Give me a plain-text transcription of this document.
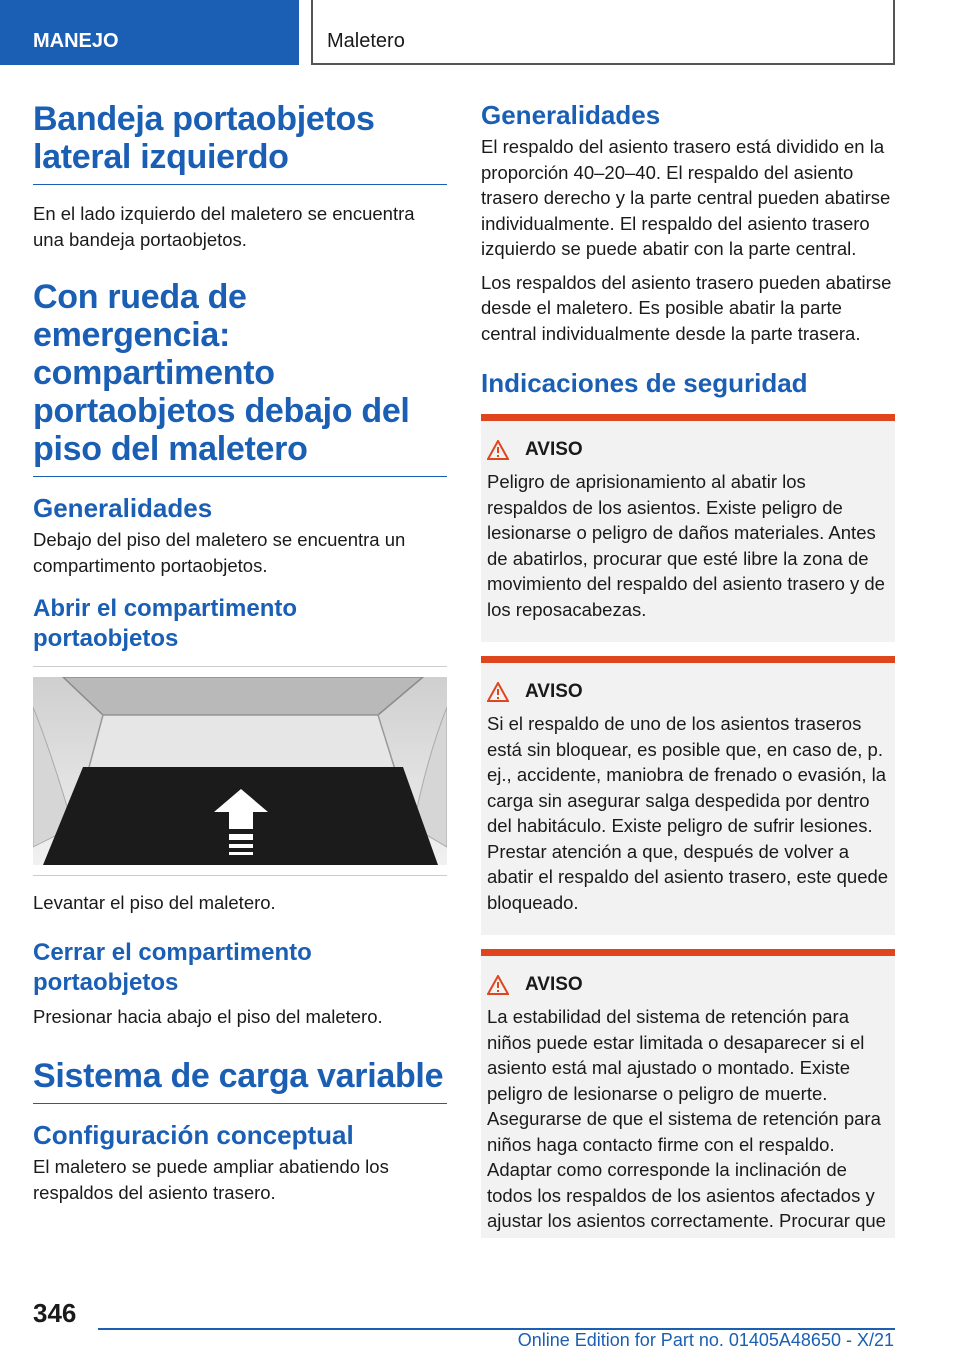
MANEJO	Maletero
Bandeja portaobjetos lateral izquierdo

En el lado izquierdo del maletero se encuentra una bandeja portaobjetos.

Con rueda de emergencia: compartimento portaobjetos debajo del piso del maletero
Generalidades

Debajo del piso del maletero se encuentra un compartimento portaobjetos.

Abrir el compartimento portaobjetos

Levantar el piso del maletero.

Cerrar el compartimento portaobjetos

Presionar hacia abajo el piso del maletero.

Sistema de carga variable
Configuración conceptual

El maletero se puede ampliar abatiendo los respaldos del asiento trasero.

Generalidades

El respaldo del asiento trasero está dividido en la proporción 40–20–40. El respaldo del asiento trasero derecho y la parte central pueden abatirse individualmente. El respaldo del asiento trasero izquierdo se puede abatir con la parte central.

Los respaldos del asiento trasero pueden abatirse desde el maletero. Es posible abatir la parte central individualmente desde la parte trasera.

Indicaciones de seguridad
AVISO

Peligro de aprisionamiento al abatir los respaldos de los asientos. Existe peligro de lesionarse o peligro de daños materiales. Antes de abatirlos, procurar que esté libre la zona de movimiento del respaldo del asiento trasero y de los reposacabezas.

AVISO

Si el respaldo de uno de los asientos traseros está sin bloquear, es posible que, en caso de, p. ej., accidente, maniobra de frenado o evasión, la carga sin asegurar salga despedida por dentro del habitáculo. Existe peligro de sufrir lesiones. Prestar atención a que, después de volver a abatir el respaldo del asiento trasero, este quede bloqueado.

AVISO

La estabilidad del sistema de retención para niños puede estar limitada o desaparecer si el asiento está mal ajustado o montado. Existe peligro de lesionarse o peligro de muerte. Asegurarse de que el sistema de retención para niños haga contacto firme con el respaldo. Adaptar como corresponde la inclinación de todos los respaldos de los asientos afectados y ajustar los asientos correctamente. Procurar que

346
Online Edition for Part no. 01405A48650 - X/21
